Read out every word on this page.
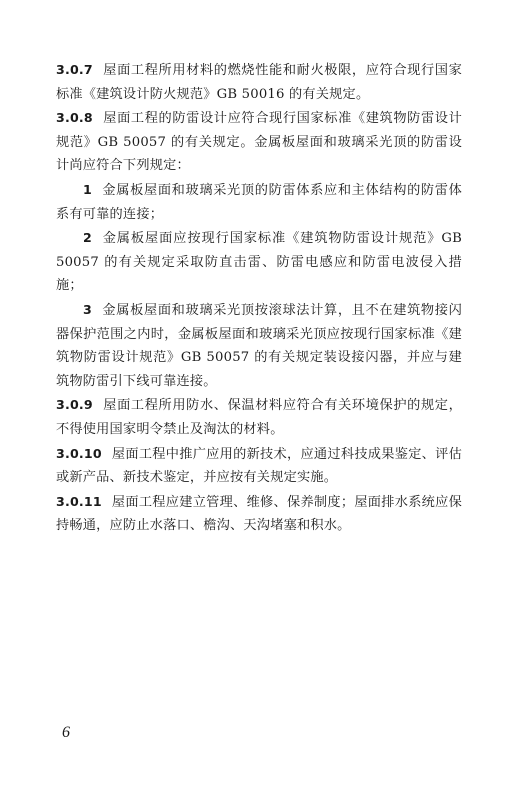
3.0.7 屋面工程所用材料的燃烧性能和耐火极限，应符合现行国家标准《建筑设计防火规范》GB 50016 的有关规定。

3.0.8 屋面工程的防雷设计应符合现行国家标准《建筑物防雷设计规范》GB 50057 的有关规定。金属板屋面和玻璃采光顶的防雷设计尚应符合下列规定：

1 金属板屋面和玻璃采光顶的防雷体系应和主体结构的防雷体系有可靠的连接；

2 金属板屋面应按现行国家标准《建筑物防雷设计规范》GB 50057 的有关规定采取防直击雷、防雷电感应和防雷电波侵入措施；

3 金属板屋面和玻璃采光顶按滚球法计算，且不在建筑物接闪器保护范围之内时，金属板屋面和玻璃采光顶应按现行国家标准《建筑物防雷设计规范》GB 50057 的有关规定装设接闪器，并应与建筑物防雷引下线可靠连接。

3.0.9 屋面工程所用防水、保温材料应符合有关环境保护的规定，不得使用国家明令禁止及淘汰的材料。

3.0.10 屋面工程中推广应用的新技术，应通过科技成果鉴定、评估或新产品、新技术鉴定，并应按有关规定实施。

3.0.11 屋面工程应建立管理、维修、保养制度；屋面排水系统应保持畅通，应防止水落口、檐沟、天沟堵塞和积水。

6
